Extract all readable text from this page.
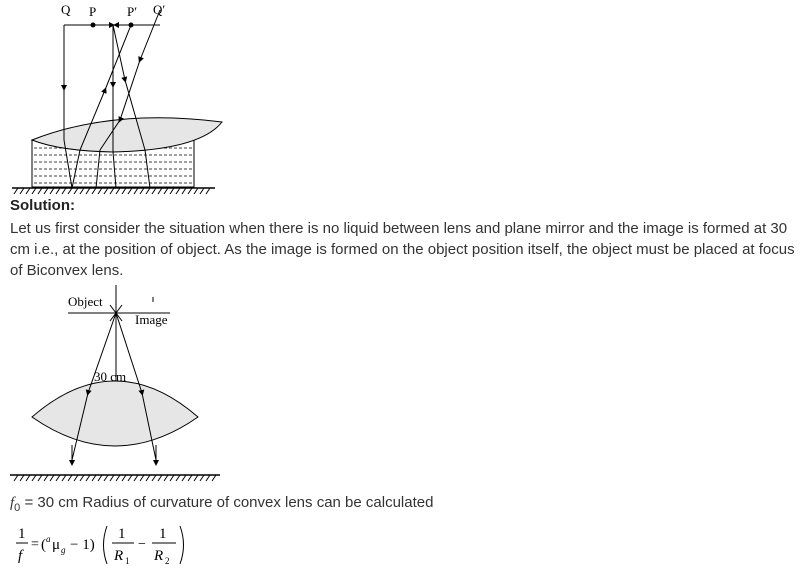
Q P P′ Q′
Solution:
Let us first consider the situation when there is no liquid between lens and plane mirror and the image is formed at 30 cm i.e., at the position of object. As the image is formed on the object position itself, the object must be placed at focus of Biconvex lens.
Object
Image
30 cm
$f_0 = 30$ cm Radius of curvature of convex lens can be calculated
1
f
= ( a μ g − 1)
1
R 1
−
1
R 2
